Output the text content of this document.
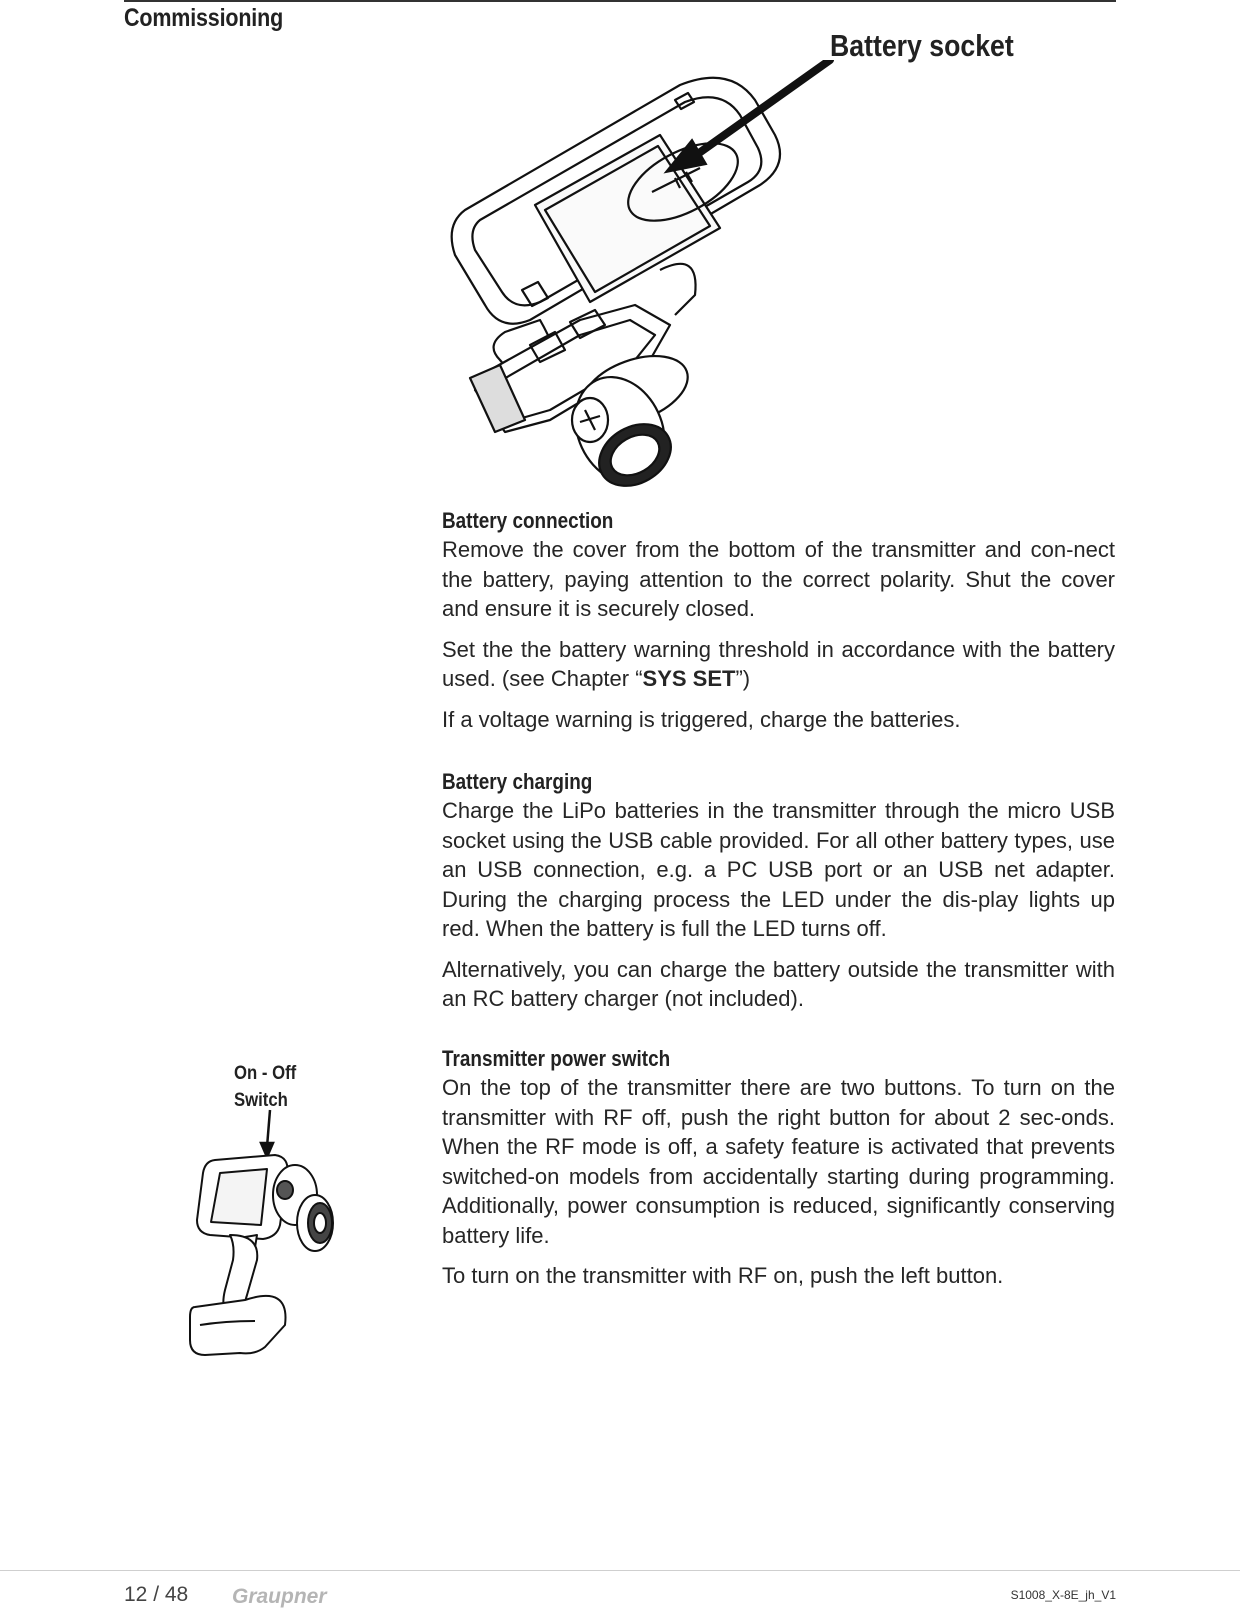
Commissioning
Battery socket
Battery connection

Remove the cover from the bottom of the transmitter and con-nect the battery, paying attention to the correct polarity. Shut the cover and ensure it is securely closed.

Set the the battery warning threshold in accordance with the battery used. (see Chapter “SYS SET”)

If a voltage warning is triggered, charge the batteries.

Battery charging

Charge the LiPo batteries in the transmitter through the micro USB socket using the USB cable provided. For all other battery types, use an USB connection, e.g. a PC USB port or an USB net adapter. During the charging process the LED under the dis-play lights up red. When the battery is full the LED turns off.

Alternatively, you can charge the battery outside the transmitter with an RC battery charger (not included).

On - Off
Switch
Transmitter power switch

On the top of the transmitter there are two buttons. To turn on the transmitter with RF off, push the right button for about 2 sec-onds. When the RF mode is off, a safety feature is activated that prevents switched-on models from accidentally starting during programming. Additionally, power consumption is reduced, significantly conserving battery life.

To turn on the transmitter with RF on, push the left button.

12 / 48 Graupner	S1008_X-8E_jh_V1
